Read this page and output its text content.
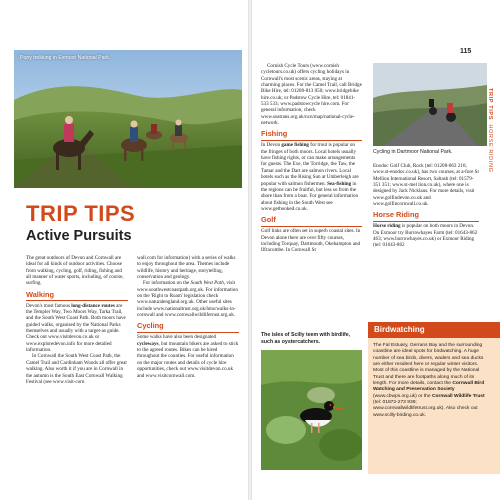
Pony trekking in Exmoor National Park.
TRIP TIPS
Active Pursuits

The great outdoors of Devon and Cornwall are ideal for all kinds of outdoor activities. Choose from walking, cycling, golf, riding, fishing and all manner of water sports, including, of course, surfing.

Walking

Devon's most famous long-distance routes are the Templer Way, Two Moors Way, Tarka Trail, and the South West Coast Path. Both moors have guided walks, organised by the National Parks themselves and usually with a target-as guide. Check out www.visitdevon.co.uk or www.exploredevon.info for more detailed information.

In Cornwall the South West Coast Path, the Camel Trail and Cardinham Woods all offer great walking. Also worth it if you are in Cornwall in the autumn is the South East Cornwall Walking Festival (see www.visit-corn

wall.com for information) with a series of walks to enjoy throughout the area. Themes include wildlife, history and heritage, storytelling, conservation and geology.

For information on the South West Path, visit www.southwestcoastpath.org.uk. For information on the 'Right to Roam' legislation check www.naturalengland.org.uk. Other useful sites include www.nationaltrust.org.uk/hms/walks-in-cornwall and www.cornwallwildlifetrust.org.uk.

Cycling

Some walks have also been designated cycleways, but mountain bikers are asked to stick to the agreed routes. Bikes can be hired throughout the counties. For useful information on the major routes and details of cycle hire opportunities, check out www.visitdevon.co.uk and www.visitcornwall.com.

Cornish Cycle Tours (www.cornish cycletours.co.uk) offers cycling holidays in Cornwall's most scenic areas, staying at charming places. For the Camel Trail, call Bridge Bike Hire, tel: 01208-813 050; www.bridgebike hire.co.uk; or Padstow Cycle Hire, tel: 01841-533 533; www.padstowcycle hire.com. For general information, check www.sustrans.org.uk/ncn/map/national-cycle-network.

Fishing

In Devon game fishing for trout is popular on the fringes of both moors. Local hotels usually have fishing rights, or can make arrangements for guests. The Exe, the Torridge, the Taw, the Tamar and the Dart are salmon rivers. Local hotels such as the Rising Sun at Umberleigh are popular with salmon fishermen. Sea-fishing in the regions can be fruitful, but less so from the shore than from a boat. For general information about fishing in the South West see www.getbooked.co.uk.

Golf

Golf links are often set in superb coastal sites. In Devon alone there are over fifty courses, including Torquay, Dartmouth, Okehampton and Ilfracombe. In Cornwall St

The isles of Scilly teem with birdlife, such as oystercatchers.
Cycling in Dartmoor National Park.

Enodoc Golf Club, Rock (tel: 01208-863 216; www.st-enodoc.co.uk), has two courses, at a-fore St Mellion International Resort, Saltash (tel: 01579-351 351; www.st-mel lion.co.uk), where one is designed by Jack Nicklaus. For more details, visit www.golfindevon.co.uk and www.golfincornwall.co.uk.

Horse Riding

Horse riding is popular on both moors in Devon. On Exmoor try Burrowhayes Farm (tel: 01643-862 463; www.burrowhayes.co.uk) or Exmoor Riding (tel: 01643-862

115
TRIP TIPS  HORSE RIDING
Birdwatching
The Fal Estuary, Gerrans Bay and the surrounding coastline are ideal spots for birdwatching. A huge number of sea birds, divers, waders and sea ducks are either resident here or regular winter visitors. Most of this coastline is managed by the National Trust and there are footpaths along much of its length. For more details, contact the Cornwall Bird Watching and Preservation Society (www.cbwps.org.uk) or the Cornwall Wildlife Trust (tel: 01872-273 939; www.cornwallwildlifetrust.org.uk). Also check out www.scilly-birding.co.uk.
